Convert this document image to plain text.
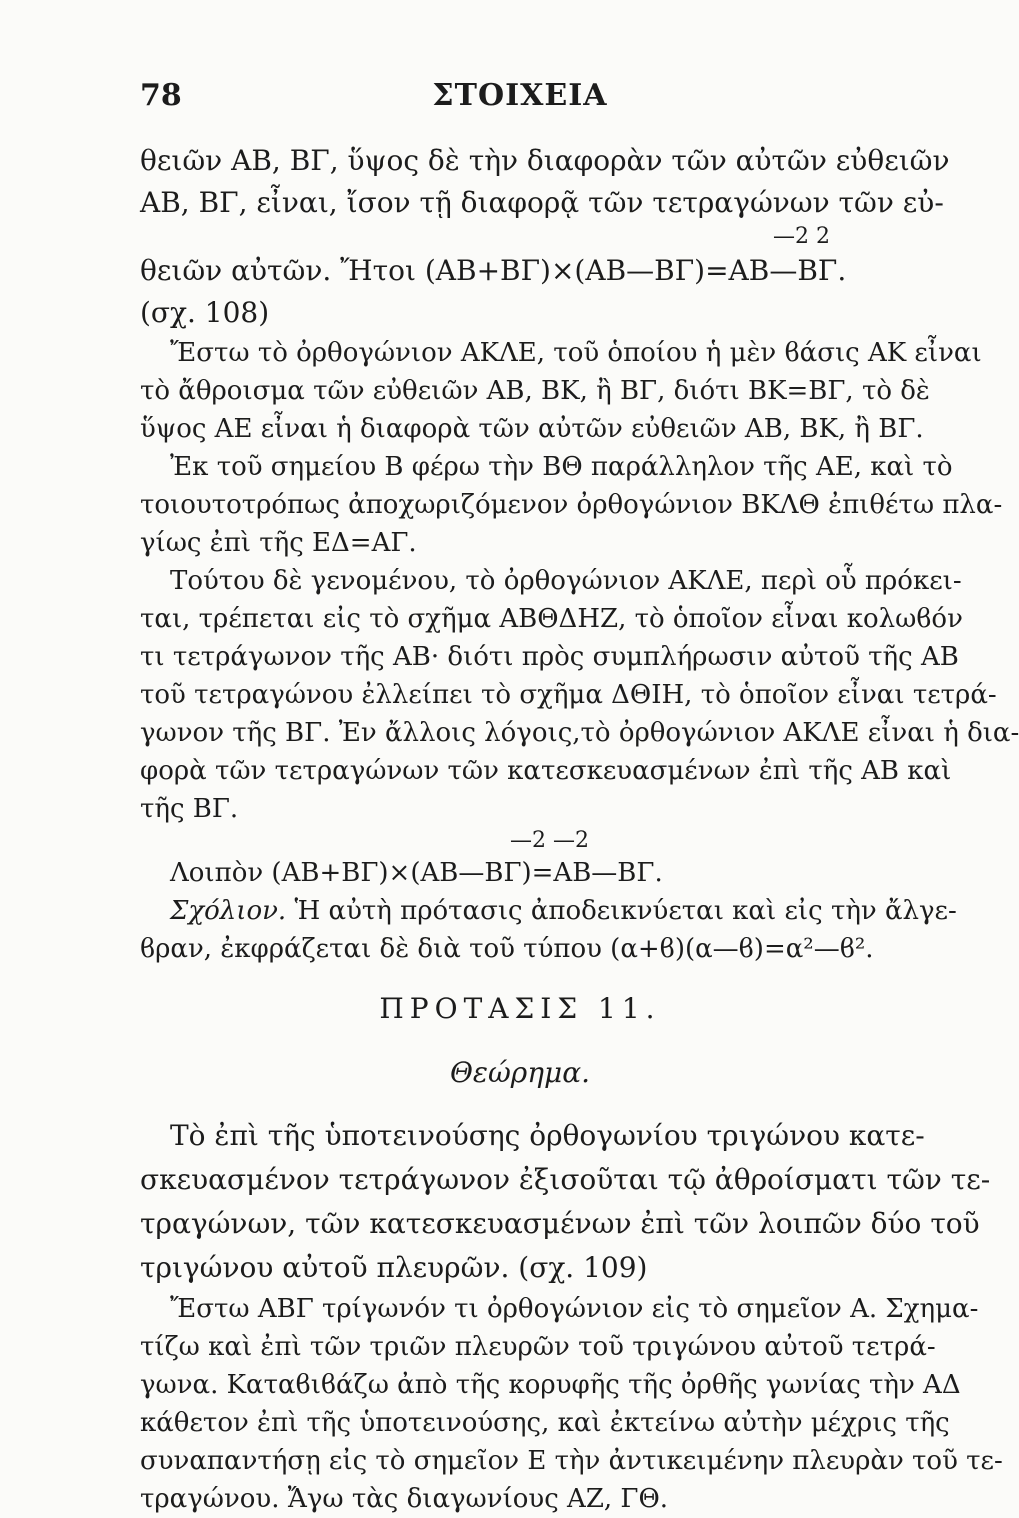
78	ΣΤΟΙΧΕΙΑ
θειῶν ΑΒ, ΒΓ, ὕψος δὲ τὴν διαφορὰν τῶν αὐτῶν εὐθειῶν
ΑΒ, ΒΓ, εἶναι, ἴσον τῇ διαφορᾷ τῶν τετραγώνων τῶν εὐ-
—2 2
θειῶν αὐτῶν. Ἤτοι (ΑΒ+ΒΓ)×(ΑΒ—ΒΓ)=ΑΒ—ΒΓ.
(σχ. 108)
Ἔστω τὸ ὀρθογώνιον ΑΚΛΕ, τοῦ ὁποίου ἡ μὲν ϐάσις ΑΚ εἶναι
τὸ ἄθροισμα τῶν εὐθειῶν ΑΒ, ΒΚ, ἢ ΒΓ, διότι ΒΚ=ΒΓ, τὸ δὲ
ὕψος ΑΕ εἶναι ἡ διαφορὰ τῶν αὐτῶν εὐθειῶν ΑΒ, ΒΚ, ἢ ΒΓ.
Ἐκ τοῦ σημείου Β φέρω τὴν ΒΘ παράλληλον τῆς ΑΕ, καὶ τὸ
τοιουτοτρόπως ἀποχωριζόμενον ὀρθογώνιον ΒΚΛΘ ἐπιθέτω πλα-
γίως ἐπὶ τῆς ΕΔ=ΑΓ.
Τούτου δὲ γενομένου, τὸ ὀρθογώνιον ΑΚΛΕ, περὶ οὗ πρόκει-
ται, τρέπεται εἰς τὸ σχῆμα ΑΒΘΔΗΖ, τὸ ὁποῖον εἶναι κολωϐόν
τι τετράγωνον τῆς ΑΒ· διότι πρὸς συμπλήρωσιν αὐτοῦ τῆς ΑΒ
τοῦ τετραγώνου ἐλλείπει τὸ σχῆμα ΔΘΙΗ, τὸ ὁποῖον εἶναι τετρά-
γωνον τῆς ΒΓ. Ἐν ἄλλοις λόγοις,τὸ ὀρθογώνιον ΑΚΛΕ εἶναι ἡ δια-
φορὰ τῶν τετραγώνων τῶν κατεσκευασμένων ἐπὶ τῆς ΑΒ καὶ
τῆς ΒΓ.
—2 —2
Λοιπὸν (ΑΒ+ΒΓ)×(ΑΒ—ΒΓ)=ΑΒ—ΒΓ.
Σχόλιον. Ἡ αὐτὴ πρότασις ἀποδεικνύεται καὶ εἰς τὴν ἄλγε-
ϐραν, ἐκφράζεται δὲ διὰ τοῦ τύπου (α+ϐ)(α—ϐ)=α²—ϐ².
ΠΡΟΤΑΣΙΣ 11.
Θεώρημα.
Τὸ ἐπὶ τῆς ὑποτεινούσης ὀρθογωνίου τριγώνου κατε-
σκευασμένον τετράγωνον ἐξισοῦται τῷ ἀθροίσματι τῶν τε-
τραγώνων, τῶν κατεσκευασμένων ἐπὶ τῶν λοιπῶν δύο τοῦ
τριγώνου αὐτοῦ πλευρῶν. (σχ. 109)
Ἔστω ΑΒΓ τρίγωνόν τι ὀρθογώνιον εἰς τὸ σημεῖον Α. Σχημα-
τίζω καὶ ἐπὶ τῶν τριῶν πλευρῶν τοῦ τριγώνου αὐτοῦ τετρά-
γωνα. Καταϐιϐάζω ἀπὸ τῆς κορυφῆς τῆς ὀρθῆς γωνίας τὴν ΑΔ
κάθετον ἐπὶ τῆς ὑποτεινούσης, καὶ ἐκτείνω αὐτὴν μέχρις τῆς
συναπαντήσῃ εἰς τὸ σημεῖον Ε τὴν ἀντικειμένην πλευρὰν τοῦ τε-
τραγώνου. Ἄγω τὰς διαγωνίους ΑΖ, ΓΘ.
